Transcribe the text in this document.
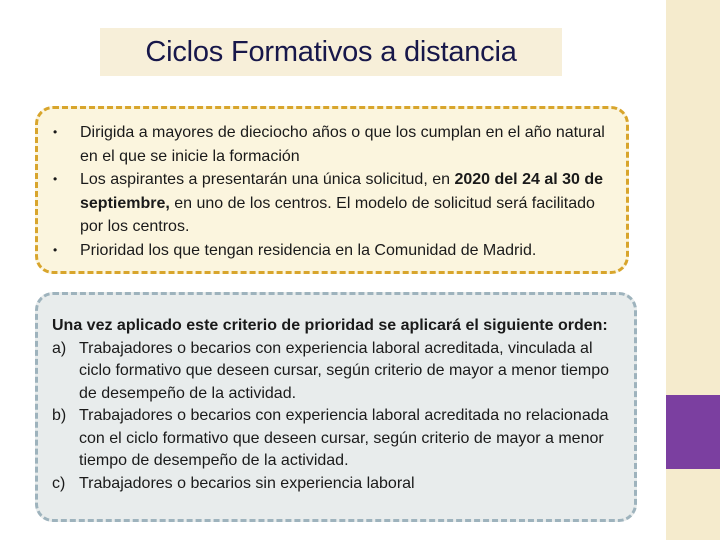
Ciclos Formativos a distancia
• Dirigida a mayores de dieciocho años o que los cumplan en el año natural en el que se inicie la formación
• Los aspirantes a presentarán una única solicitud, en 2020 del 24 al 30 de septiembre, en uno de los centros. El modelo de solicitud será facilitado por los centros.
• Prioridad los que tengan residencia en la Comunidad de Madrid.

Una vez aplicado este criterio de prioridad se aplicará el siguiente orden:

a) Trabajadores o becarios con experiencia laboral acreditada, vinculada al ciclo formativo que deseen cursar, según criterio de mayor a menor tiempo de desempeño de la actividad.
b) Trabajadores o becarios con experiencia laboral acreditada no relacionada con el ciclo formativo que deseen cursar, según criterio de mayor a menor tiempo de desempeño de la actividad.
c) Trabajadores o becarios sin experiencia laboral
